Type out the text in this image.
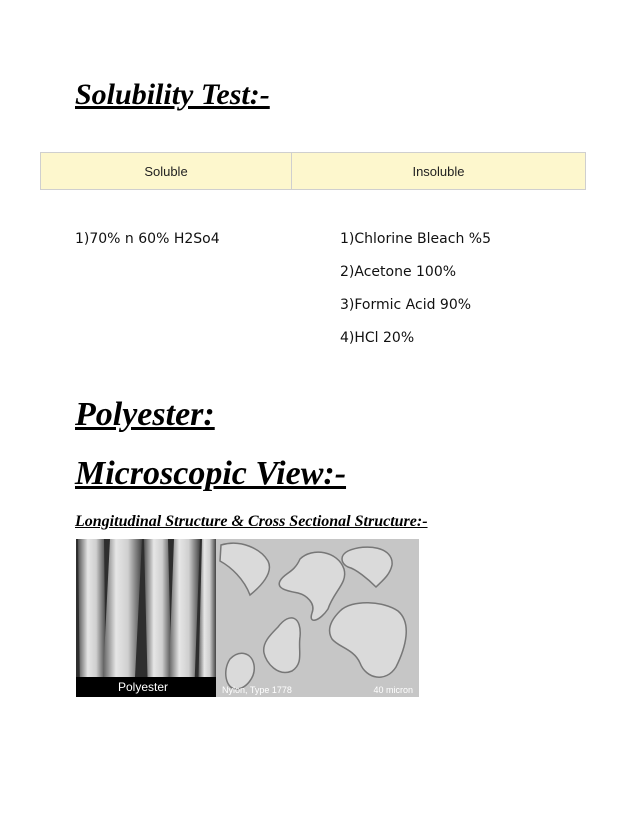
Solubility Test:-
Soluble	Insoluble
1)70% n 60% H2So4	1)Chlorine Bleach %5
2)Acetone 100%
3)Formic Acid 90%
4)HCl 20%
Polyester:
Microscopic View:-
Longitudinal Structure & Cross Sectional Structure:-
Polyester	Nylon, Type 1778	40 micron
